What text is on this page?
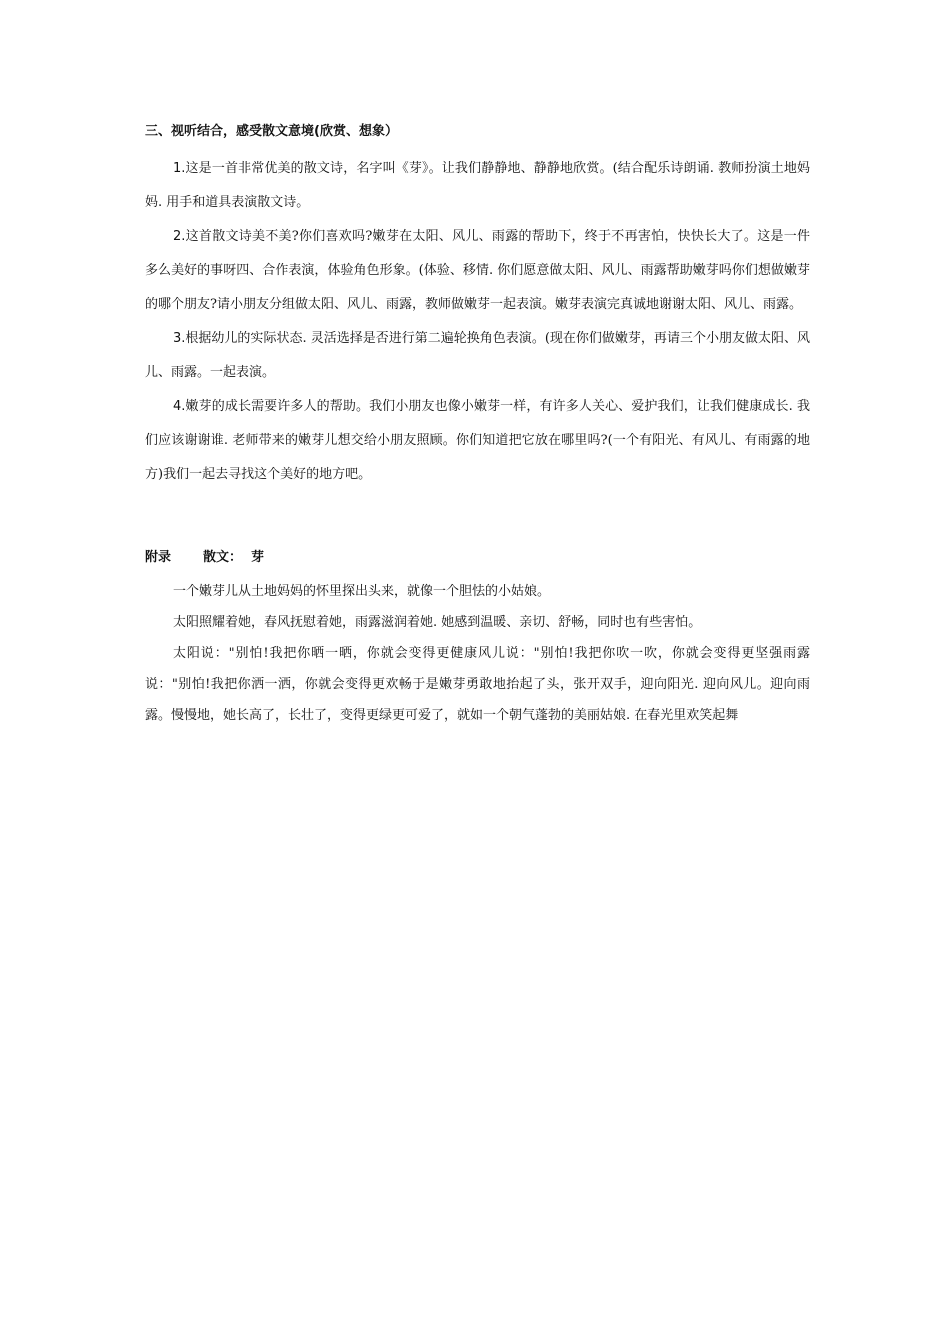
三、视听结合，感受散文意境(欣赏、想象）

1.这是一首非常优美的散文诗，名字叫《芽》。让我们静静地、静静地欣赏。(结合配乐诗朗诵. 教师扮演土地妈妈. 用手和道具表演散文诗。

2.这首散文诗美不美?你们喜欢吗?嫩芽在太阳、风儿、雨露的帮助下，终于不再害怕，快快长大了。这是一件多么美好的事呀四、合作表演，体验角色形象。(体验、移情. 你们愿意做太阳、风儿、雨露帮助嫩芽吗你们想做嫩芽的哪个朋友?请小朋友分组做太阳、风儿、雨露，教师做嫩芽一起表演。嫩芽表演完真诚地谢谢太阳、风儿、雨露。

3.根据幼儿的实际状态. 灵活选择是否进行第二遍轮换角色表演。(现在你们做嫩芽，再请三个小朋友做太阳、风儿、雨露。一起表演。

4.嫩芽的成长需要许多人的帮助。我们小朋友也像小嫩芽一样，有许多人关心、爱护我们，让我们健康成长. 我们应该谢谢谁. 老师带来的嫩芽儿想交给小朋友照顾。你们知道把它放在哪里吗?(一个有阳光、有风儿、有雨露的地方)我们一起去寻找这个美好的地方吧。

附录 散文： 芽

一个嫩芽儿从土地妈妈的怀里探出头来，就像一个胆怯的小姑娘。

太阳照耀着她，春风抚慰着她，雨露滋润着她. 她感到温暖、亲切、舒畅，同时也有些害怕。

太阳说："别怕!我把你晒一晒，你就会变得更健康风儿说："别怕!我把你吹一吹，你就会变得更坚强雨露说："别怕!我把你洒一洒，你就会变得更欢畅于是嫩芽勇敢地抬起了头，张开双手，迎向阳光. 迎向风儿。迎向雨露。慢慢地，她长高了，长壮了，变得更绿更可爱了，就如一个朝气蓬勃的美丽姑娘. 在春光里欢笑起舞
